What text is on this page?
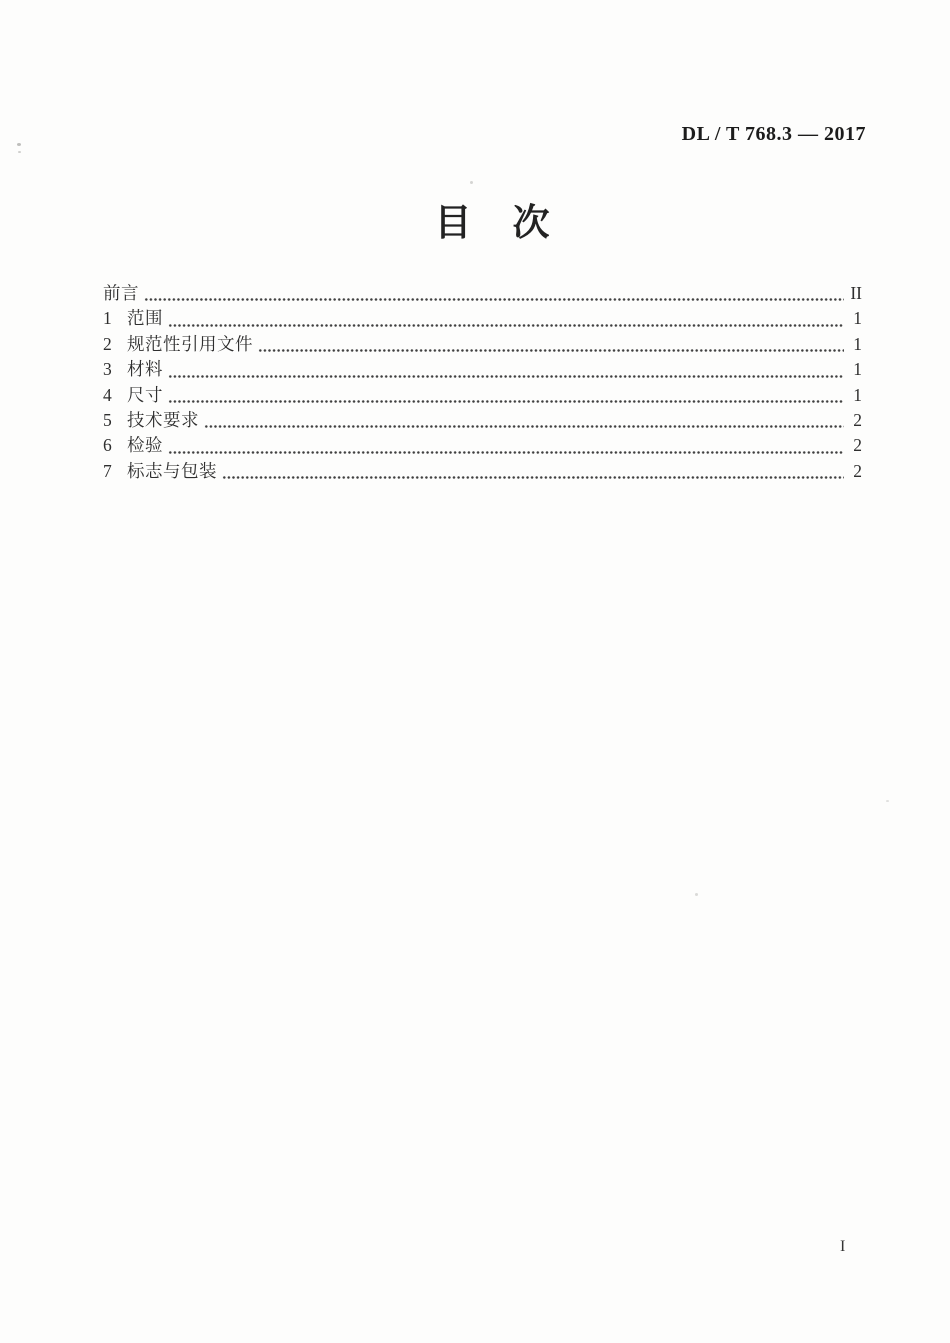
DL / T 768.3 — 2017
目　次
前言	II
1 范围	1
2 规范性引用文件	1
3 材料	1
4 尺寸	1
5 技术要求	2
6 检验	2
7 标志与包装	2
I
